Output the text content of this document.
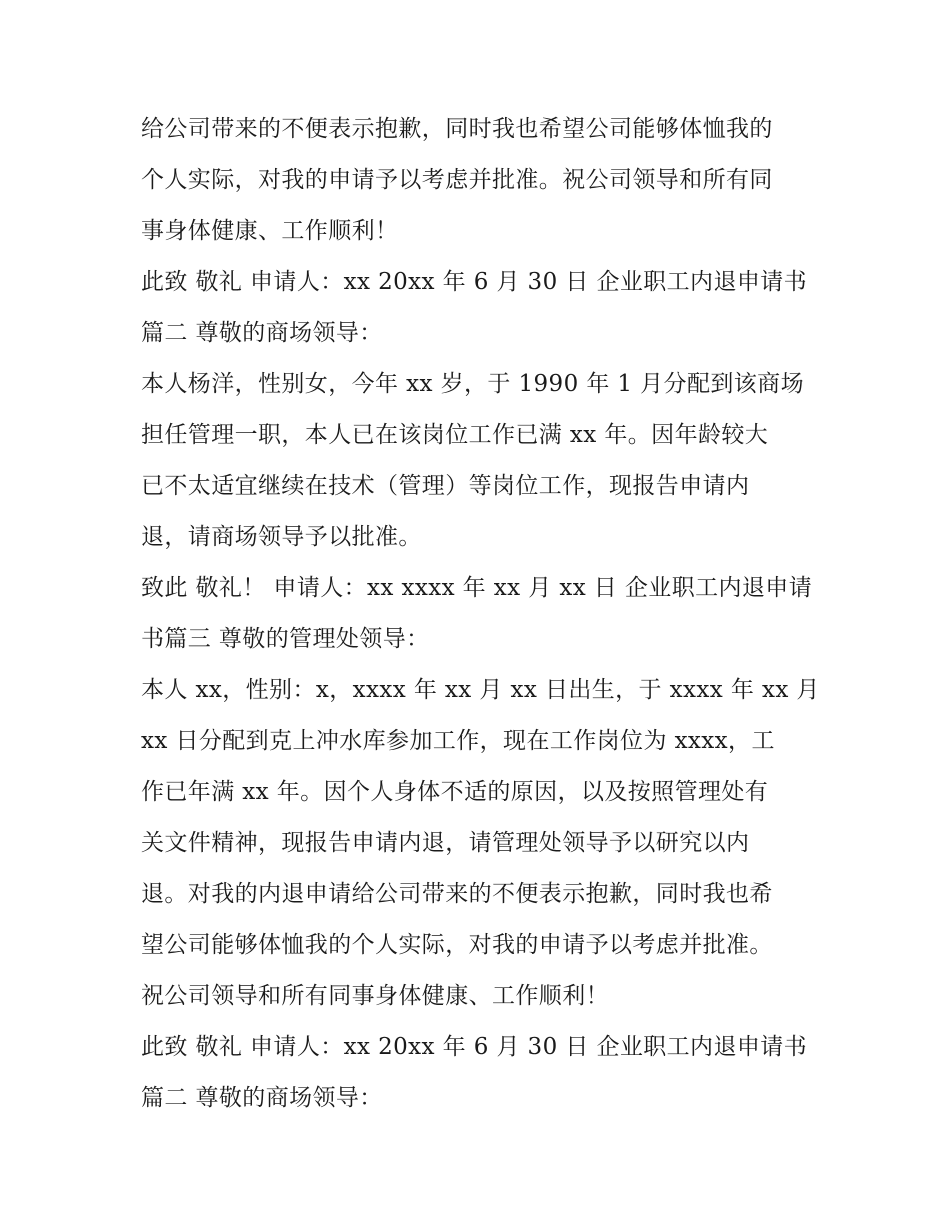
给公司带来的不便表示抱歉，同时我也希望公司能够体恤我的
个人实际，对我的申请予以考虑并批准。祝公司领导和所有同
事身体健康、工作顺利！
此致 敬礼 申请人：xx 20xx 年 6 月 30 日 企业职工内退申请书
篇二 尊敬的商场领导：
本人杨洋，性别女，今年 xx 岁，于 1990 年 1 月分配到该商场
担任管理一职，本人已在该岗位工作已满 xx 年。因年龄较大
已不太适宜继续在技术（管理）等岗位工作，现报告申请内
退，请商场领导予以批准。
致此 敬礼！ 申请人：xx xxxx 年 xx 月 xx 日 企业职工内退申请
书篇三 尊敬的管理处领导：
本人 xx，性别：x，xxxx 年 xx 月 xx 日出生，于 xxxx 年 xx 月
xx 日分配到克上冲水库参加工作，现在工作岗位为 xxxx，工
作已年满 xx 年。因个人身体不适的原因，以及按照管理处有
关文件精神，现报告申请内退，请管理处领导予以研究以内
退。对我的内退申请给公司带来的不便表示抱歉，同时我也希
望公司能够体恤我的个人实际，对我的申请予以考虑并批准。
祝公司领导和所有同事身体健康、工作顺利！
此致 敬礼 申请人：xx 20xx 年 6 月 30 日 企业职工内退申请书
篇二 尊敬的商场领导：
